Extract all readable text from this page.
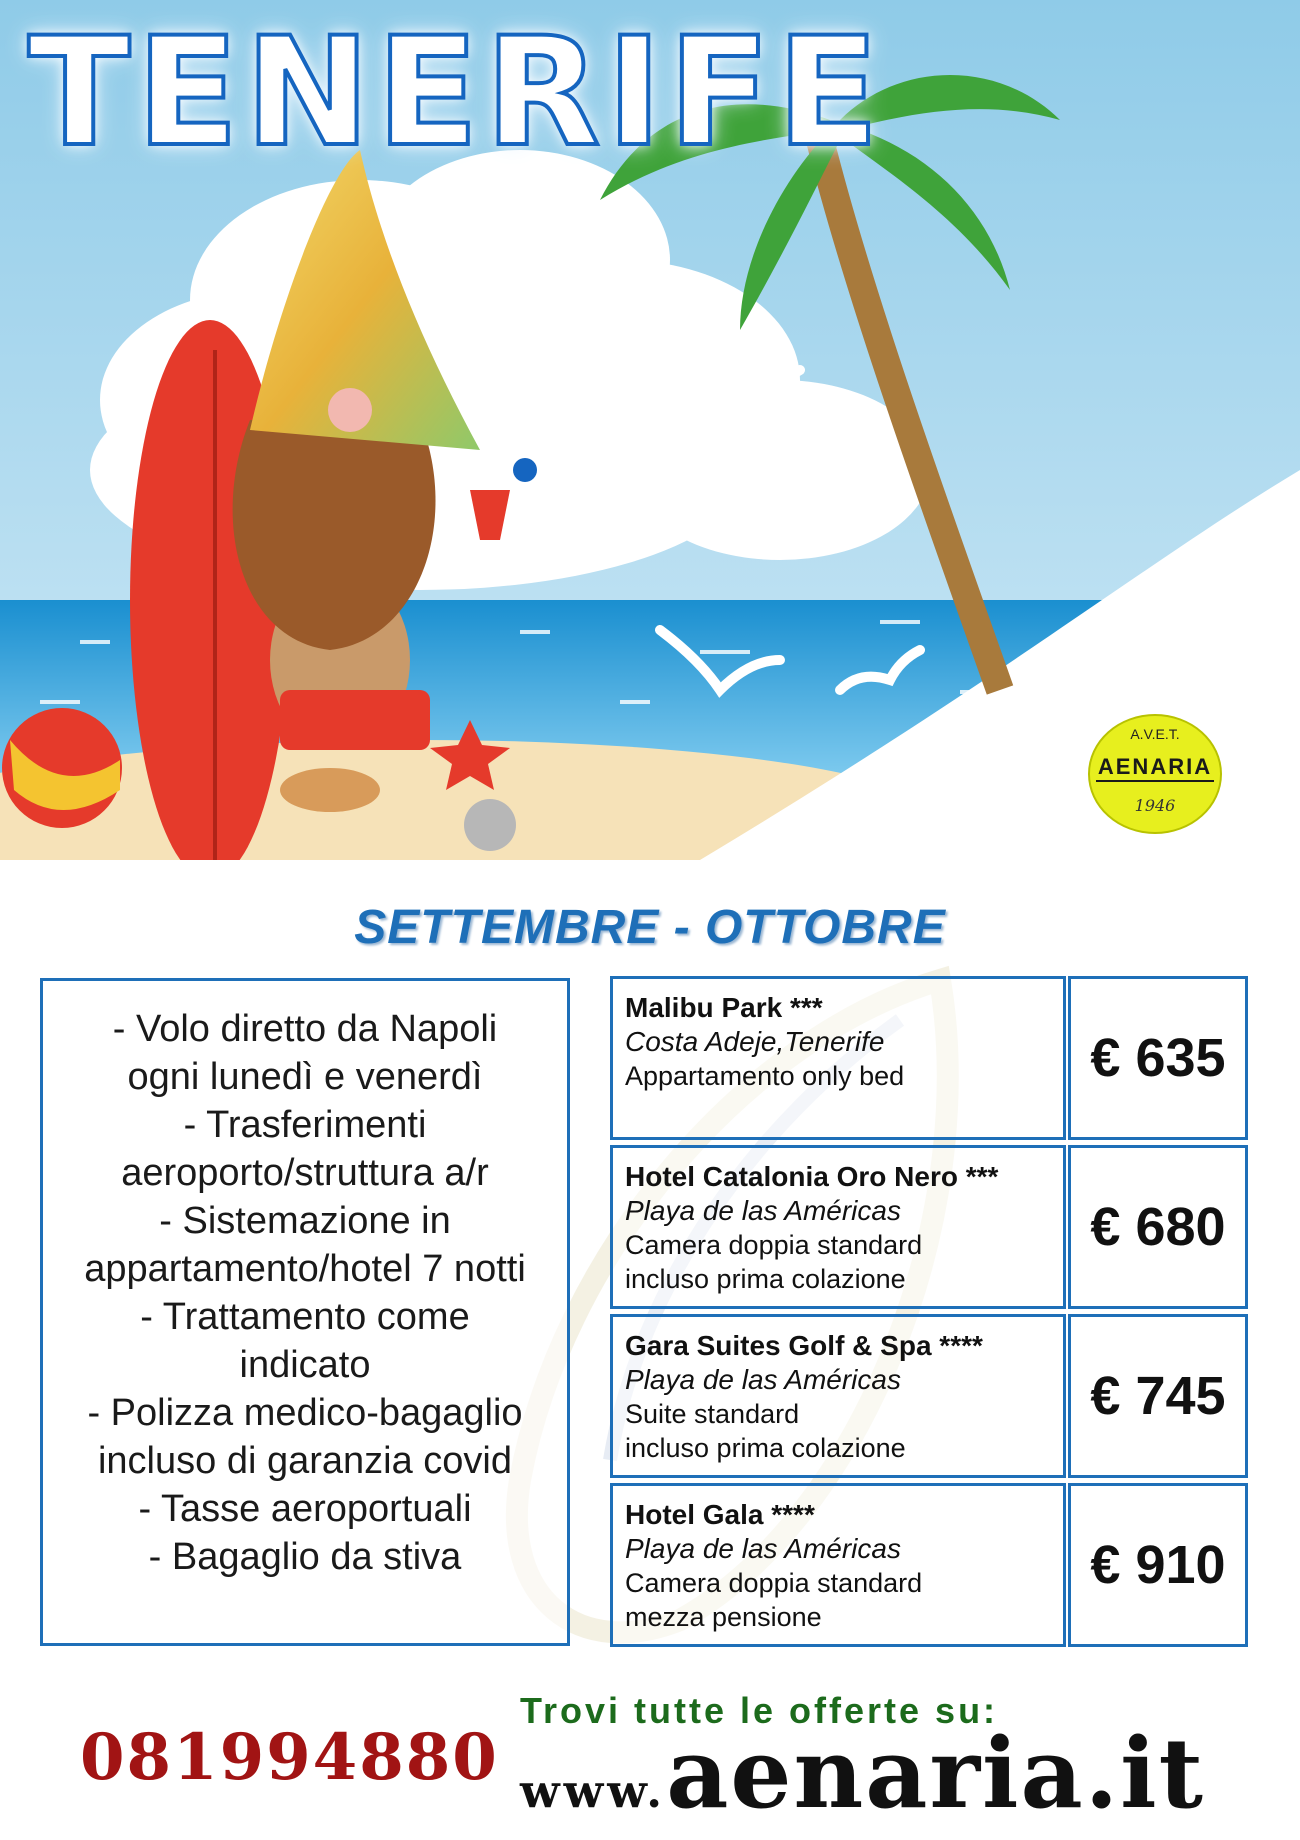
TENERIFE
A.V.E.T.
AENARIA
1946
SETTEMBRE - OTTOBRE

- Volo diretto da Napoli

ogni lunedì e venerdì

- Trasferimenti

aeroporto/struttura a/r

- Sistemazione in

appartamento/hotel 7 notti

- Trattamento come

indicato

- Polizza medico-bagaglio

incluso di garanzia covid

- Tasse aeroportuali

- Bagaglio da stiva

Malibu Park ***
Costa Adeje,Tenerife
Appartamento only bed	€ 635
Hotel Catalonia Oro Nero ***
Playa de las Américas
Camera doppia standard
incluso prima colazione
€ 680
Gara Suites Golf & Spa ****
Playa de las Américas
Suite standard
incluso prima colazione
€ 745
Hotel Gala ****
Playa de las Américas
Camera doppia standard
mezza pensione
€ 910
081994880
Trovi tutte le offerte su:
www.aenaria.it
